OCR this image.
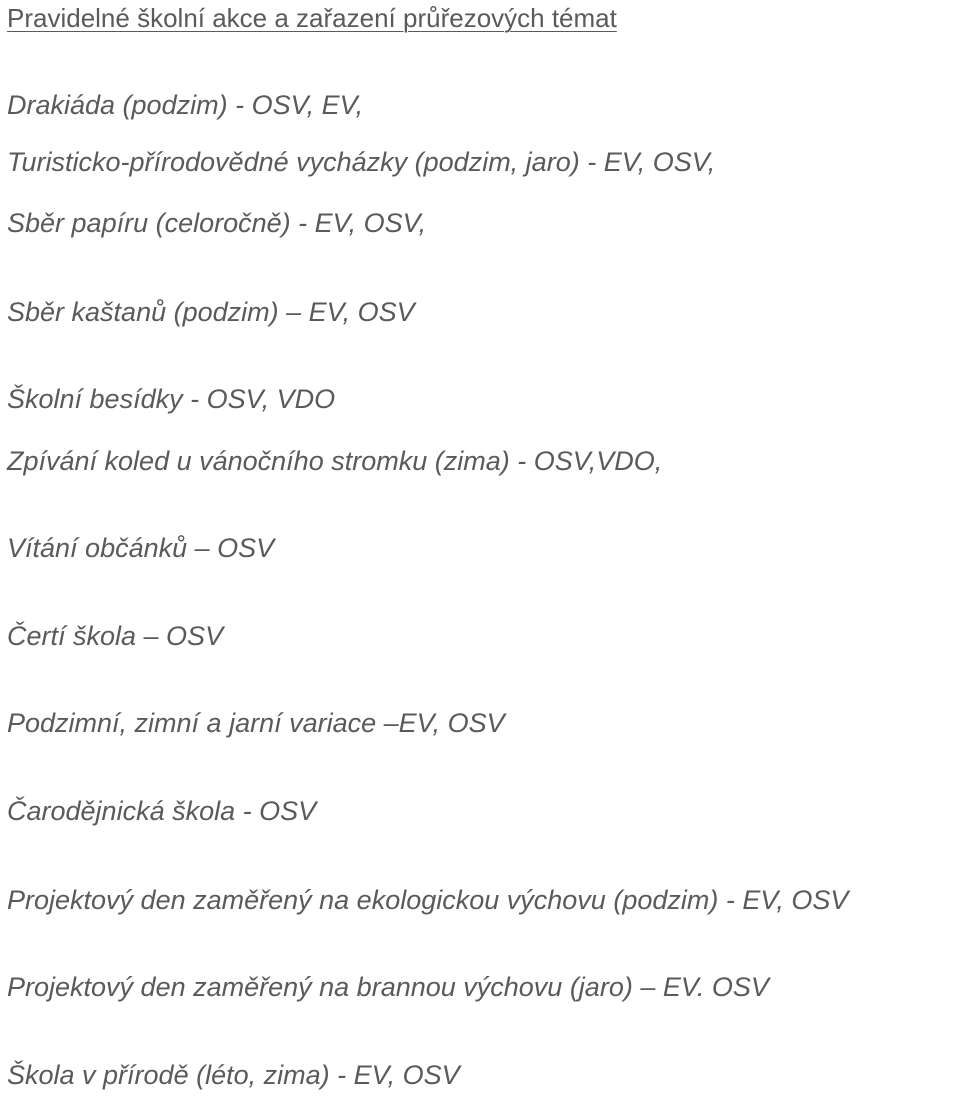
Pravidelné školní akce a zařazení průřezových témat
Drakiáda (podzim) - OSV, EV,
Turisticko-přírodovědné vycházky (podzim, jaro) - EV, OSV,
Sběr papíru (celoročně) - EV, OSV,
Sběr kaštanů (podzim) – EV, OSV
Školní besídky - OSV, VDO
Zpívání koled u vánočního stromku (zima) - OSV,VDO,
Vítání občánků – OSV
Čertí škola – OSV
Podzimní, zimní a jarní variace –EV, OSV
Čarodějnická škola - OSV
Projektový den zaměřený na ekologickou výchovu (podzim) - EV, OSV
Projektový den zaměřený na brannou výchovu (jaro) – EV. OSV
Škola v přírodě (léto, zima) - EV, OSV
